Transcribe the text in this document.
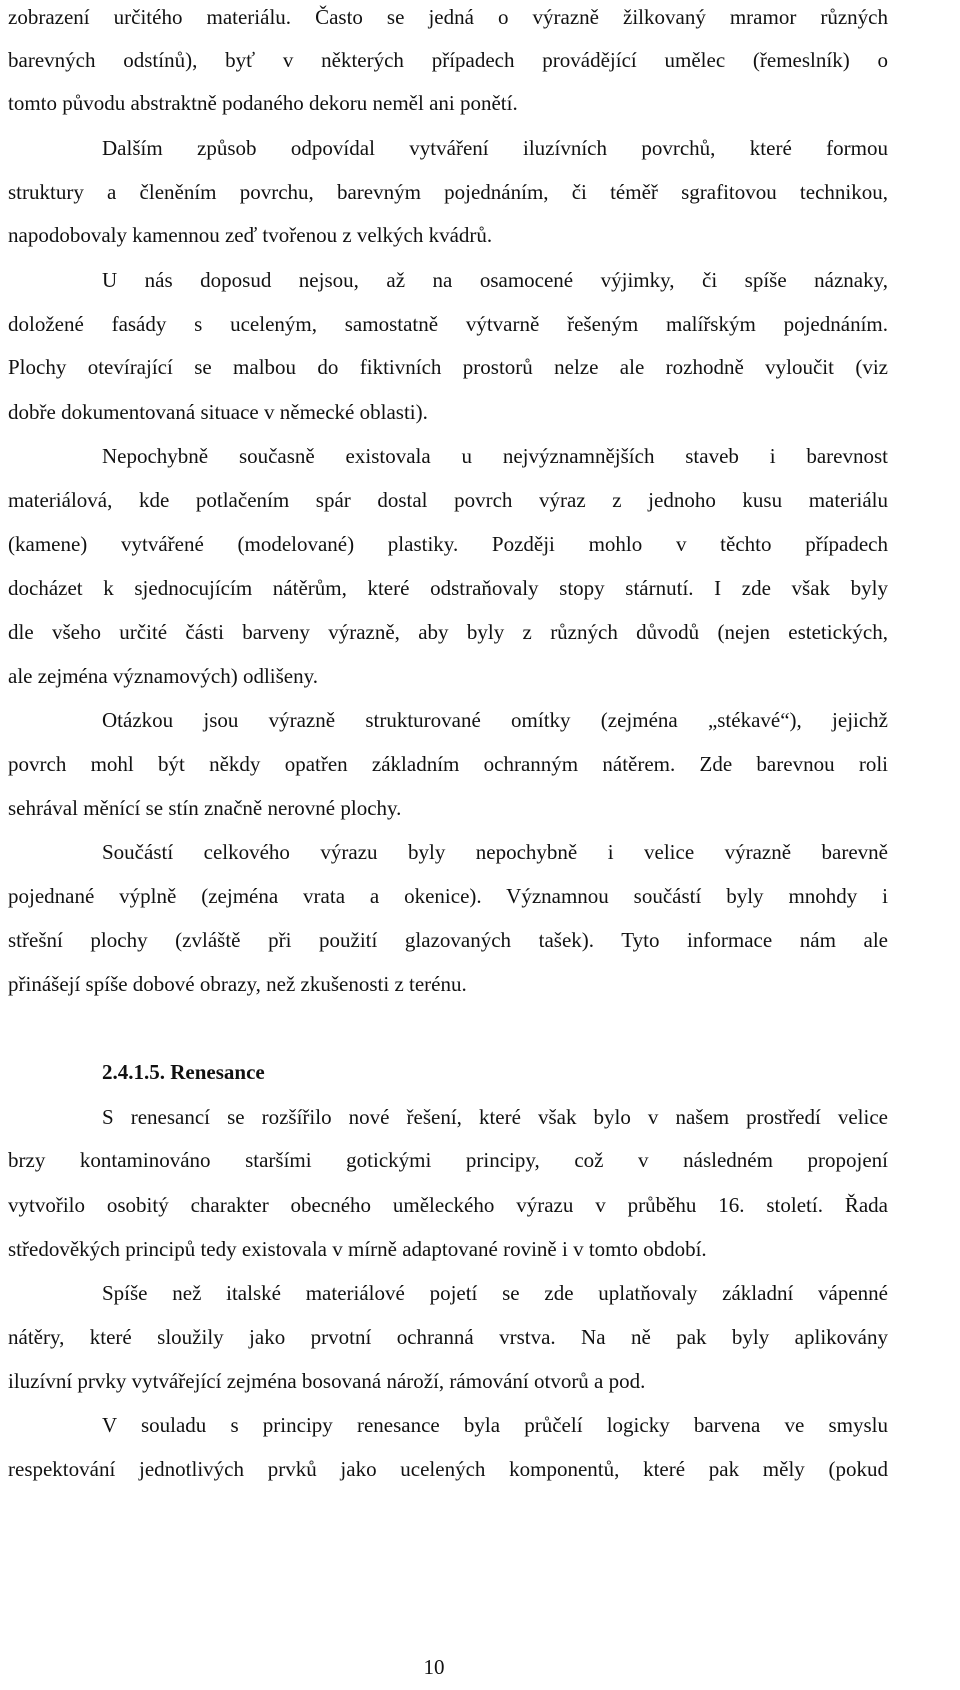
zobrazení určitého materiálu. Často se jedná o výrazně žilkovaný mramor různých
barevných odstínů), byť v některých případech provádějící umělec (řemeslník) o
tomto původu abstraktně podaného dekoru neměl ani ponětí.
Dalším způsob odpovídal vytváření iluzívních povrchů, které formou
struktury a členěním povrchu, barevným pojednáním, či téměř sgrafitovou technikou,
napodobovaly kamennou zeď tvořenou z velkých kvádrů.
U nás doposud nejsou, až na osamocené výjimky, či spíše náznaky,
doložené fasády s uceleným, samostatně výtvarně řešeným malířským pojednáním.
Plochy otevírající se malbou do fiktivních prostorů nelze ale rozhodně vyloučit (viz
dobře dokumentovaná situace v německé oblasti).
Nepochybně současně existovala u nejvýznamnějších staveb i barevnost
materiálová, kde potlačením spár dostal povrch výraz z jednoho kusu materiálu
(kamene) vytvářené (modelované) plastiky. Později mohlo v těchto případech
docházet k sjednocujícím nátěrům, které odstraňovaly stopy stárnutí. I zde však byly
dle všeho určité části barveny výrazně, aby byly z různých důvodů (nejen estetických,
ale zejména významových) odlišeny.
Otázkou jsou výrazně strukturované omítky (zejména „stékavé“), jejichž
povrch mohl být někdy opatřen základním ochranným nátěrem. Zde barevnou roli
sehrával měnící se stín značně nerovné plochy.
Součástí celkového výrazu byly nepochybně i velice výrazně barevně
pojednané výplně (zejména vrata a okenice). Významnou součástí byly mnohdy i
střešní plochy (zvláště při použití glazovaných tašek). Tyto informace nám ale
přinášejí spíše dobové obrazy, než zkušenosti z terénu.
2.4.1.5. Renesance
S renesancí se rozšířilo nové řešení, které však bylo v našem prostředí velice
brzy kontaminováno staršími gotickými principy, což v následném propojení
vytvořilo osobitý charakter obecného uměleckého výrazu v průběhu 16. století. Řada
středověkých principů tedy existovala v mírně adaptované rovině i v tomto období.
Spíše než italské materiálové pojetí se zde uplatňovaly základní vápenné
nátěry, které sloužily jako prvotní ochranná vrstva. Na ně pak byly aplikovány
iluzívní prvky vytvářející zejména bosovaná nároží, rámování otvorů a pod.
V souladu s principy renesance byla průčelí logicky barvena ve smyslu
respektování jednotlivých prvků jako ucelených komponentů, které pak měly (pokud
10
